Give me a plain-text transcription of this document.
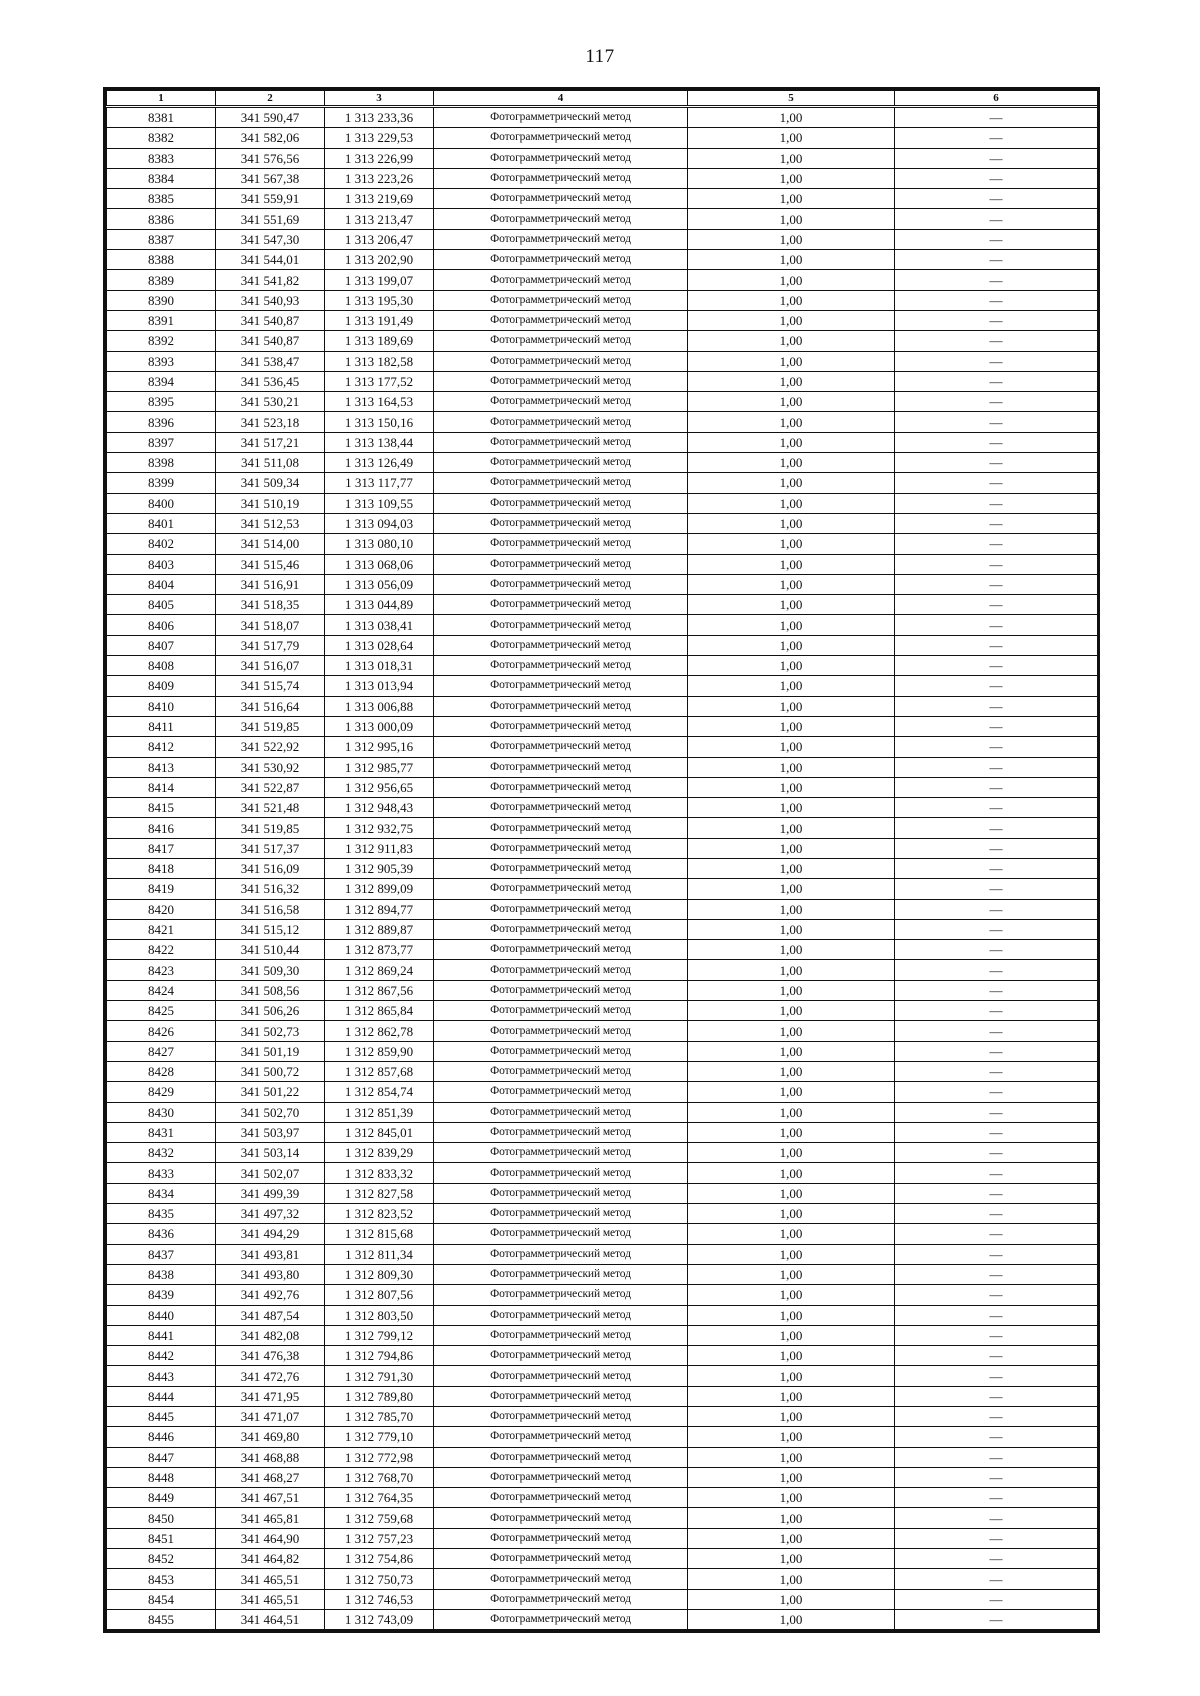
117
1	2	3	4	5	6
8381	341 590,47	1 313 233,36	Фотограмметрический метод	1,00	—
8382	341 582,06	1 313 229,53	Фотограмметрический метод	1,00	—
8383	341 576,56	1 313 226,99	Фотограмметрический метод	1,00	—
8384	341 567,38	1 313 223,26	Фотограмметрический метод	1,00	—
8385	341 559,91	1 313 219,69	Фотограмметрический метод	1,00	—
8386	341 551,69	1 313 213,47	Фотограмметрический метод	1,00	—
8387	341 547,30	1 313 206,47	Фотограмметрический метод	1,00	—
8388	341 544,01	1 313 202,90	Фотограмметрический метод	1,00	—
8389	341 541,82	1 313 199,07	Фотограмметрический метод	1,00	—
8390	341 540,93	1 313 195,30	Фотограмметрический метод	1,00	—
8391	341 540,87	1 313 191,49	Фотограмметрический метод	1,00	—
8392	341 540,87	1 313 189,69	Фотограмметрический метод	1,00	—
8393	341 538,47	1 313 182,58	Фотограмметрический метод	1,00	—
8394	341 536,45	1 313 177,52	Фотограмметрический метод	1,00	—
8395	341 530,21	1 313 164,53	Фотограмметрический метод	1,00	—
8396	341 523,18	1 313 150,16	Фотограмметрический метод	1,00	—
8397	341 517,21	1 313 138,44	Фотограмметрический метод	1,00	—
8398	341 511,08	1 313 126,49	Фотограмметрический метод	1,00	—
8399	341 509,34	1 313 117,77	Фотограмметрический метод	1,00	—
8400	341 510,19	1 313 109,55	Фотограмметрический метод	1,00	—
8401	341 512,53	1 313 094,03	Фотограмметрический метод	1,00	—
8402	341 514,00	1 313 080,10	Фотограмметрический метод	1,00	—
8403	341 515,46	1 313 068,06	Фотограмметрический метод	1,00	—
8404	341 516,91	1 313 056,09	Фотограмметрический метод	1,00	—
8405	341 518,35	1 313 044,89	Фотограмметрический метод	1,00	—
8406	341 518,07	1 313 038,41	Фотограмметрический метод	1,00	—
8407	341 517,79	1 313 028,64	Фотограмметрический метод	1,00	—
8408	341 516,07	1 313 018,31	Фотограмметрический метод	1,00	—
8409	341 515,74	1 313 013,94	Фотограмметрический метод	1,00	—
8410	341 516,64	1 313 006,88	Фотограмметрический метод	1,00	—
8411	341 519,85	1 313 000,09	Фотограмметрический метод	1,00	—
8412	341 522,92	1 312 995,16	Фотограмметрический метод	1,00	—
8413	341 530,92	1 312 985,77	Фотограмметрический метод	1,00	—
8414	341 522,87	1 312 956,65	Фотограмметрический метод	1,00	—
8415	341 521,48	1 312 948,43	Фотограмметрический метод	1,00	—
8416	341 519,85	1 312 932,75	Фотограмметрический метод	1,00	—
8417	341 517,37	1 312 911,83	Фотограмметрический метод	1,00	—
8418	341 516,09	1 312 905,39	Фотограмметрический метод	1,00	—
8419	341 516,32	1 312 899,09	Фотограмметрический метод	1,00	—
8420	341 516,58	1 312 894,77	Фотограмметрический метод	1,00	—
8421	341 515,12	1 312 889,87	Фотограмметрический метод	1,00	—
8422	341 510,44	1 312 873,77	Фотограмметрический метод	1,00	—
8423	341 509,30	1 312 869,24	Фотограмметрический метод	1,00	—
8424	341 508,56	1 312 867,56	Фотограмметрический метод	1,00	—
8425	341 506,26	1 312 865,84	Фотограмметрический метод	1,00	—
8426	341 502,73	1 312 862,78	Фотограмметрический метод	1,00	—
8427	341 501,19	1 312 859,90	Фотограмметрический метод	1,00	—
8428	341 500,72	1 312 857,68	Фотограмметрический метод	1,00	—
8429	341 501,22	1 312 854,74	Фотограмметрический метод	1,00	—
8430	341 502,70	1 312 851,39	Фотограмметрический метод	1,00	—
8431	341 503,97	1 312 845,01	Фотограмметрический метод	1,00	—
8432	341 503,14	1 312 839,29	Фотограмметрический метод	1,00	—
8433	341 502,07	1 312 833,32	Фотограмметрический метод	1,00	—
8434	341 499,39	1 312 827,58	Фотограмметрический метод	1,00	—
8435	341 497,32	1 312 823,52	Фотограмметрический метод	1,00	—
8436	341 494,29	1 312 815,68	Фотограмметрический метод	1,00	—
8437	341 493,81	1 312 811,34	Фотограмметрический метод	1,00	—
8438	341 493,80	1 312 809,30	Фотограмметрический метод	1,00	—
8439	341 492,76	1 312 807,56	Фотограмметрический метод	1,00	—
8440	341 487,54	1 312 803,50	Фотограмметрический метод	1,00	—
8441	341 482,08	1 312 799,12	Фотограмметрический метод	1,00	—
8442	341 476,38	1 312 794,86	Фотограмметрический метод	1,00	—
8443	341 472,76	1 312 791,30	Фотограмметрический метод	1,00	—
8444	341 471,95	1 312 789,80	Фотограмметрический метод	1,00	—
8445	341 471,07	1 312 785,70	Фотограмметрический метод	1,00	—
8446	341 469,80	1 312 779,10	Фотограмметрический метод	1,00	—
8447	341 468,88	1 312 772,98	Фотограмметрический метод	1,00	—
8448	341 468,27	1 312 768,70	Фотограмметрический метод	1,00	—
8449	341 467,51	1 312 764,35	Фотограмметрический метод	1,00	—
8450	341 465,81	1 312 759,68	Фотограмметрический метод	1,00	—
8451	341 464,90	1 312 757,23	Фотограмметрический метод	1,00	—
8452	341 464,82	1 312 754,86	Фотограмметрический метод	1,00	—
8453	341 465,51	1 312 750,73	Фотограмметрический метод	1,00	—
8454	341 465,51	1 312 746,53	Фотограмметрический метод	1,00	—
8455	341 464,51	1 312 743,09	Фотограмметрический метод	1,00	—
